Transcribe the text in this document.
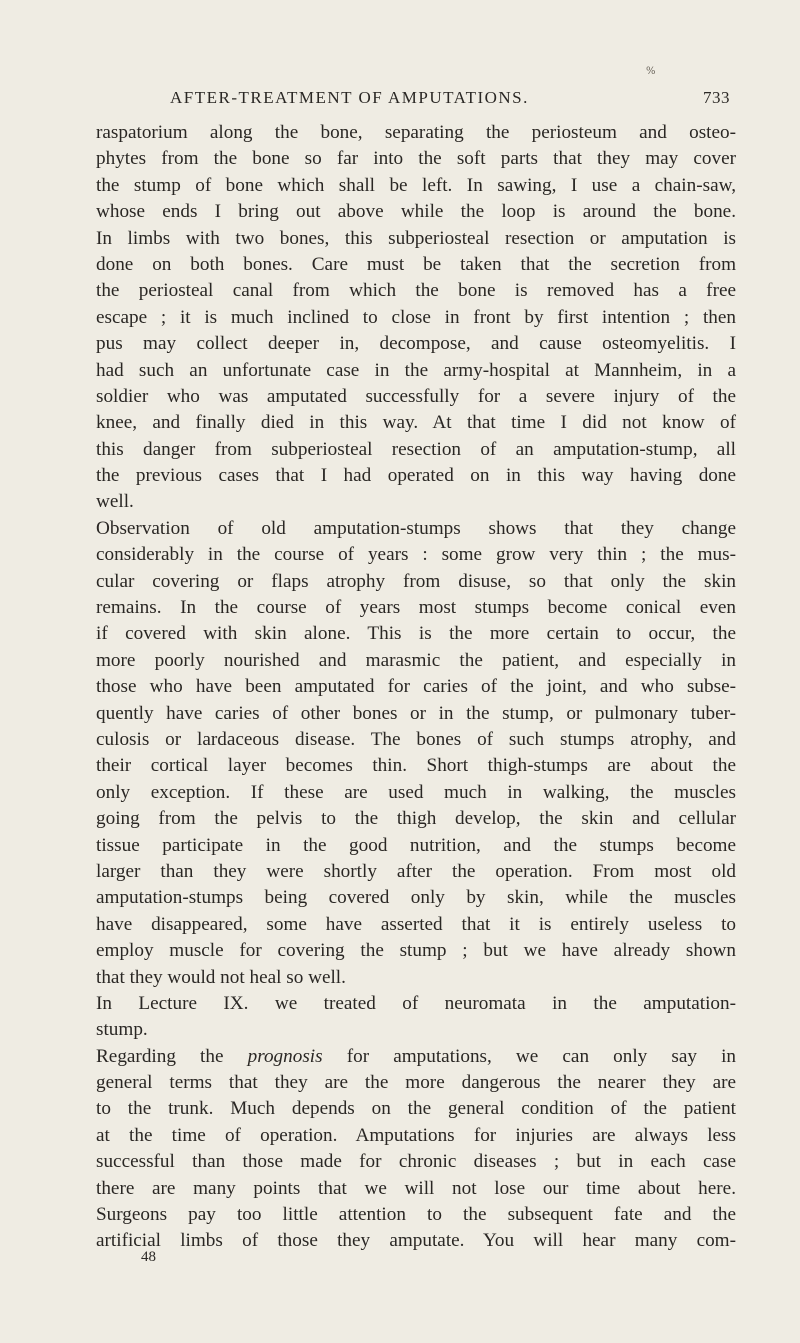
%
AFTER-TREATMENT OF AMPUTATIONS.	733
raspatorium along the bone, separating the periosteum and osteo-
phytes from the bone so far into the soft parts that they may cover
the stump of bone which shall be left. In sawing, I use a chain-saw,
whose ends I bring out above while the loop is around the bone.
In limbs with two bones, this subperiosteal resection or amputation is
done on both bones. Care must be taken that the secretion from
the periosteal canal from which the bone is removed has a free
escape ; it is much inclined to close in front by first intention ; then
pus may collect deeper in, decompose, and cause osteomyelitis. I
had such an unfortunate case in the army-hospital at Mannheim, in a
soldier who was amputated successfully for a severe injury of the
knee, and finally died in this way. At that time I did not know of
this danger from subperiosteal resection of an amputation-stump, all
the previous cases that I had operated on in this way having done
well.
Observation of old amputation-stumps shows that they change
considerably in the course of years : some grow very thin ; the mus-
cular covering or flaps atrophy from disuse, so that only the skin
remains. In the course of years most stumps become conical even
if covered with skin alone. This is the more certain to occur, the
more poorly nourished and marasmic the patient, and especially in
those who have been amputated for caries of the joint, and who subse-
quently have caries of other bones or in the stump, or pulmonary tuber-
culosis or lardaceous disease. The bones of such stumps atrophy, and
their cortical layer becomes thin. Short thigh-stumps are about the
only exception. If these are used much in walking, the muscles
going from the pelvis to the thigh develop, the skin and cellular
tissue participate in the good nutrition, and the stumps become
larger than they were shortly after the operation. From most old
amputation-stumps being covered only by skin, while the muscles
have disappeared, some have asserted that it is entirely useless to
employ muscle for covering the stump ; but we have already shown
that they would not heal so well.
In Lecture IX. we treated of neuromata in the amputation-
stump.
Regarding the prognosis for amputations, we can only say in
general terms that they are the more dangerous the nearer they are
to the trunk. Much depends on the general condition of the patient
at the time of operation. Amputations for injuries are always less
successful than those made for chronic diseases ; but in each case
there are many points that we will not lose our time about here.
Surgeons pay too little attention to the subsequent fate and the
artificial limbs of those they amputate. You will hear many com-
48
